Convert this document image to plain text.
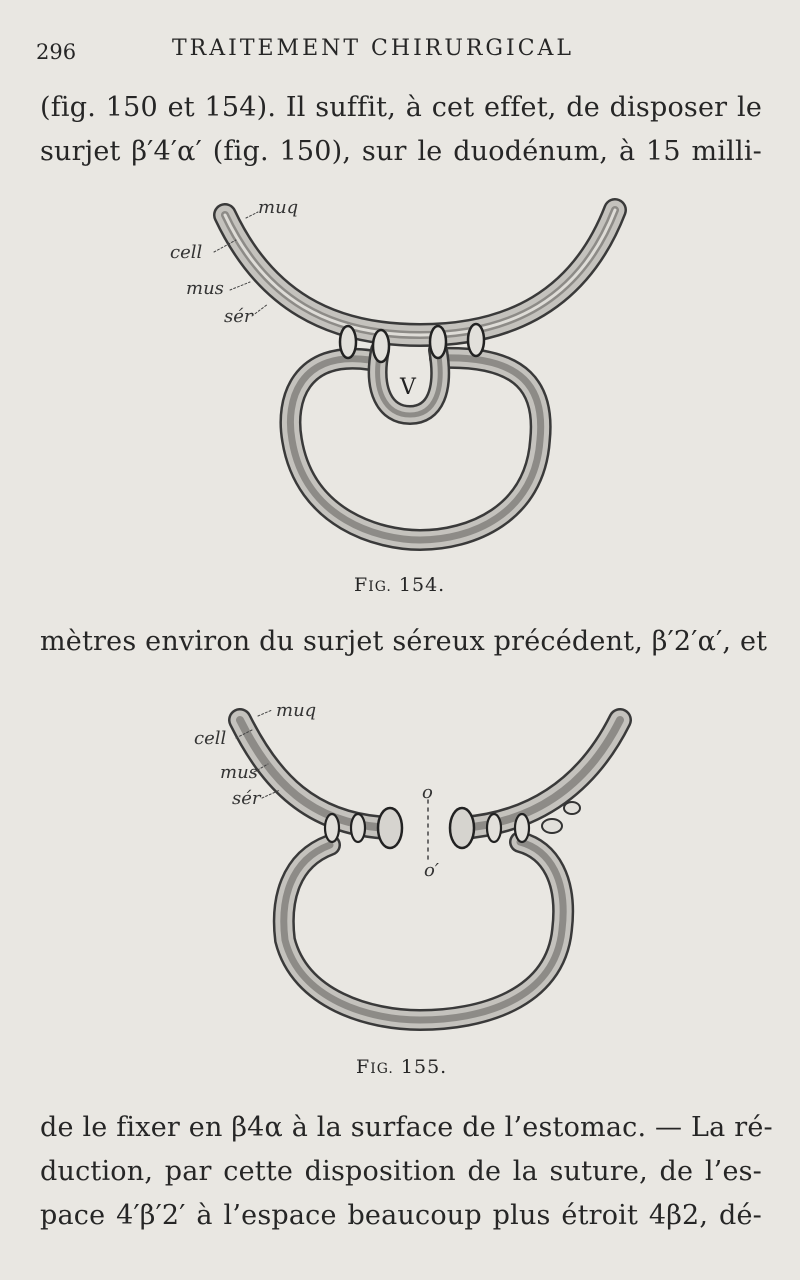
296	TRAITEMENT CHIRURGICAL
(fig. 150 et 154). Il suffit, à cet effet, de disposer le
surjet β′4′α′ (fig. 150), sur le duodénum, à 15 milli-
muq
cell
mus
sér
V
FIG. 154.
mètres environ du surjet séreux précédent, β′2′α′, et
muq
cell
mus
sér	o
o′
FIG. 155.
de le fixer en β4α à la surface de l’estomac. — La ré-
duction, par cette disposition de la suture, de l’es-
pace 4′β′2′ à l’espace beaucoup plus étroit 4β2, dé-
